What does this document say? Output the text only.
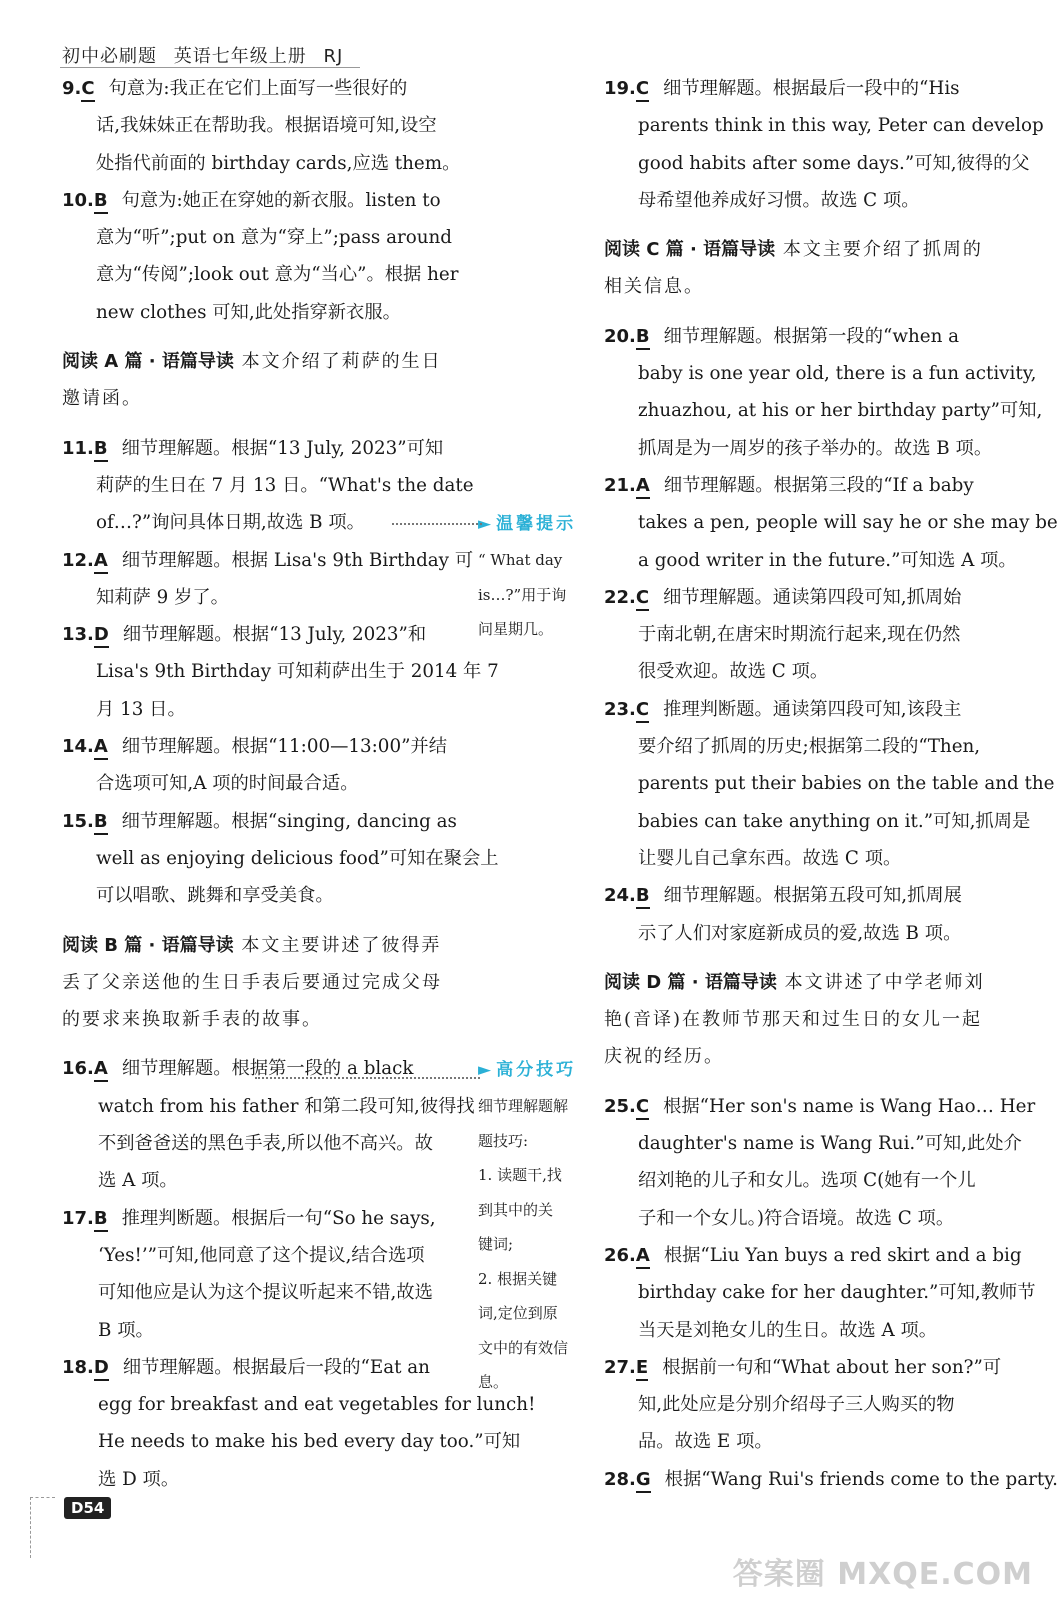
初中必刷题 英语七年级上册 RJ
9.C 句意为:我正在它们上面写一些很好的
话,我妹妹正在帮助我。根据语境可知,设空
处指代前面的 birthday cards,应选 them。
10.B 句意为:她正在穿她的新衣服。listen to
意为“听”;put on 意为“穿上”;pass around
意为“传阅”;look out 意为“当心”。根据 her
new clothes 可知,此处指穿新衣服。
阅读 A 篇 · 语篇导读 本文介绍了莉萨的生日
邀请函。
11.B 细节理解题。根据“13 July, 2023”可知
莉萨的生日在 7 月 13 日。“What's the date
of…?”询问具体日期,故选 B 项。
12.A 细节理解题。根据 Lisa's 9th Birthday 可
知莉萨 9 岁了。
13.D 细节理解题。根据“13 July, 2023”和
Lisa's 9th Birthday 可知莉萨出生于 2014 年 7
月 13 日。
14.A 细节理解题。根据“11:00—13:00”并结
合选项可知,A 项的时间最合适。
15.B 细节理解题。根据“singing, dancing as
well as enjoying delicious food”可知在聚会上
可以唱歌、跳舞和享受美食。
阅读 B 篇 · 语篇导读 本文主要讲述了彼得弄
丢了父亲送他的生日手表后要通过完成父母
的要求来换取新手表的故事。
16.A 细节理解题。根据第一段的 a black
watch from his father 和第二段可知,彼得找
不到爸爸送的黑色手表,所以他不高兴。故
选 A 项。
17.B 推理判断题。根据后一句“So he says,
‘Yes!’”可知,他同意了这个提议,结合选项
可知他应是认为这个提议听起来不错,故选
B 项。
18.D 细节理解题。根据最后一段的“Eat an
egg for breakfast and eat vegetables for lunch!
He needs to make his bed every day too.”可知
选 D 项。
► 温馨提示
“ What day
is…?”用于询
问星期几。
► 高分技巧
细节理解题解
题技巧:
1. 读题干,找
到其中的关
键词;
2. 根据关键
词,定位到原
文中的有效信
息。
19.C 细节理解题。根据最后一段中的“His
parents think in this way, Peter can develop
good habits after some days.”可知,彼得的父
母希望他养成好习惯。故选 C 项。
阅读 C 篇 · 语篇导读 本文主要介绍了抓周的
相关信息。
20.B 细节理解题。根据第一段的“when a
baby is one year old, there is a fun activity,
zhuazhou, at his or her birthday party”可知,
抓周是为一周岁的孩子举办的。故选 B 项。
21.A 细节理解题。根据第三段的“If a baby
takes a pen, people will say he or she may be
a good writer in the future.”可知选 A 项。
22.C 细节理解题。通读第四段可知,抓周始
于南北朝,在唐宋时期流行起来,现在仍然
很受欢迎。故选 C 项。
23.C 推理判断题。通读第四段可知,该段主
要介绍了抓周的历史;根据第二段的“Then,
parents put their babies on the table and the
babies can take anything on it.”可知,抓周是
让婴儿自己拿东西。故选 C 项。
24.B 细节理解题。根据第五段可知,抓周展
示了人们对家庭新成员的爱,故选 B 项。
阅读 D 篇 · 语篇导读 本文讲述了中学老师刘
艳(音译)在教师节那天和过生日的女儿一起
庆祝的经历。
25.C 根据“Her son's name is Wang Hao… Her
daughter's name is Wang Rui.”可知,此处介
绍刘艳的儿子和女儿。选项 C(她有一个儿
子和一个女儿。)符合语境。故选 C 项。
26.A 根据“Liu Yan buys a red skirt and a big
birthday cake for her daughter.”可知,教师节
当天是刘艳女儿的生日。故选 A 项。
27.E 根据前一句和“What about her son?”可
知,此处应是分别介绍母子三人购买的物
品。故选 E 项。
28.G 根据“Wang Rui's friends come to the party.
D54
答案圈 MXQE.COM
